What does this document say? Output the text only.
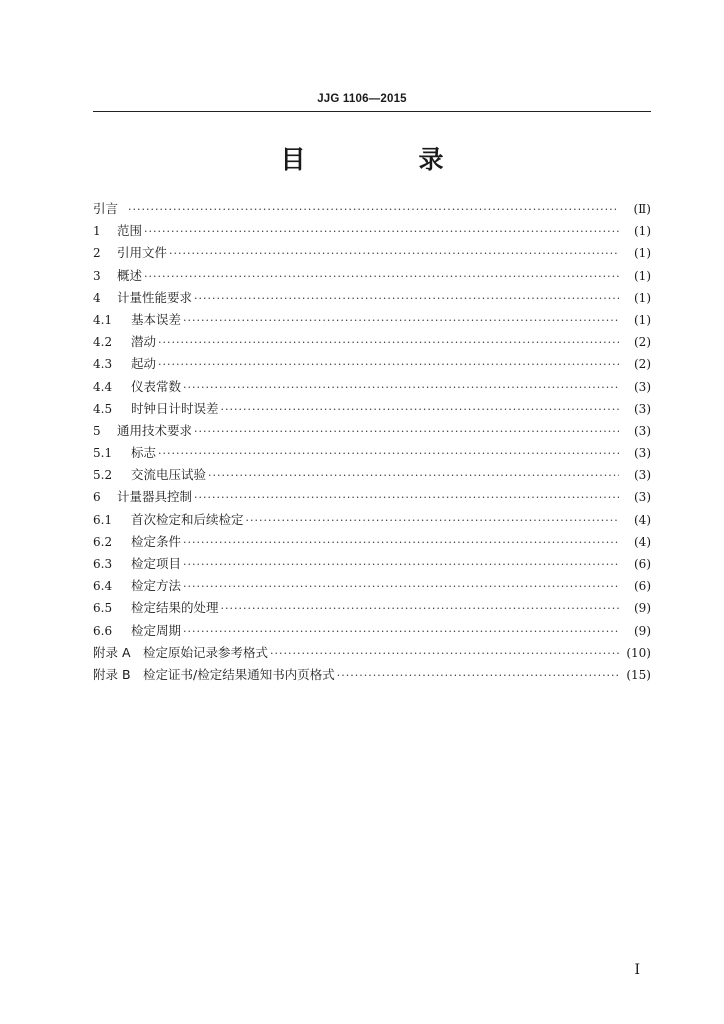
JJG 1106—2015
目　录
引言 ·····	(Ⅱ)
1	范围 ·····	(1)
2	引用文件 ·····	(1)
3	概述 ·····	(1)
4	计量性能要求 ·····	(1)
4.1	基本误差 ·····	(1)
4.2	潜动 ·····	(2)
4.3	起动 ·····	(2)
4.4	仪表常数 ·····	(3)
4.5	时钟日计时误差 ·····	(3)
5	通用技术要求 ·····	(3)
5.1	标志 ·····	(3)
5.2	交流电压试验 ·····	(3)
6	计量器具控制 ·····	(3)
6.1	首次检定和后续检定 ·····	(4)
6.2	检定条件 ·····	(4)
6.3	检定项目 ·····	(6)
6.4	检定方法 ·····	(6)
6.5	检定结果的处理 ·····	(9)
6.6	检定周期 ·····	(9)
附录 A　检定原始记录参考格式 ·····	(10)
附录 B　检定证书/检定结果通知书内页格式 ·····	(15)
Ⅰ
